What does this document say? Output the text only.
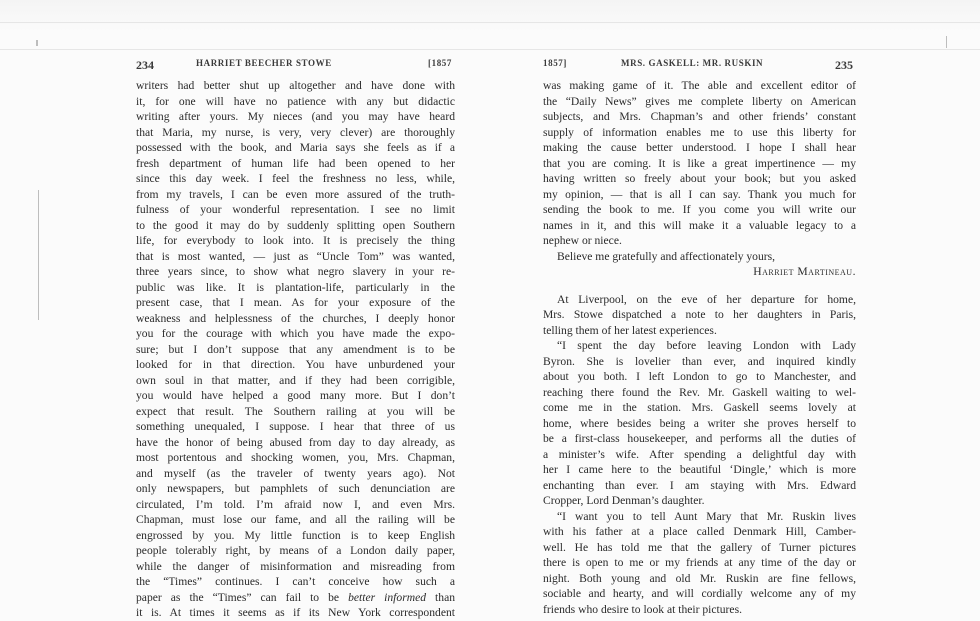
234	HARRIET BEECHER STOWE	[1857
writers had better shut up altogether and have done with
it, for one will have no patience with any but didactic
writing after yours. My nieces (and you may have heard
that Maria, my nurse, is very, very clever) are thoroughly
possessed with the book, and Maria says she feels as if a
fresh department of human life had been opened to her
since this day week. I feel the freshness no less, while,
from my travels, I can be even more assured of the truth-
fulness of your wonderful representation. I see no limit
to the good it may do by suddenly splitting open Southern
life, for everybody to look into. It is precisely the thing
that is most wanted, — just as “Uncle Tom” was wanted,
three years since, to show what negro slavery in your re-
public was like. It is plantation-life, particularly in the
present case, that I mean. As for your exposure of the
weakness and helplessness of the churches, I deeply honor
you for the courage with which you have made the expo-
sure; but I don’t suppose that any amendment is to be
looked for in that direction. You have unburdened your
own soul in that matter, and if they had been corrigible,
you would have helped a good many more. But I don’t
expect that result. The Southern railing at you will be
something unequaled, I suppose. I hear that three of us
have the honor of being abused from day to day already, as
most portentous and shocking women, you, Mrs. Chapman,
and myself (as the traveler of twenty years ago). Not
only newspapers, but pamphlets of such denunciation are
circulated, I’m told. I’m afraid now I, and even Mrs.
Chapman, must lose our fame, and all the railing will be
engrossed by you. My little function is to keep English
people tolerably right, by means of a London daily paper,
while the danger of misinformation and misreading from
the “Times” continues. I can’t conceive how such a
paper as the “Times” can fail to be better informed than
it is. At times it seems as if its New York correspondent
1857]	MRS. GASKELL: MR. RUSKIN	235
was making game of it. The able and excellent editor of
the “Daily News” gives me complete liberty on American
subjects, and Mrs. Chapman’s and other friends’ constant
supply of information enables me to use this liberty for
making the cause better understood. I hope I shall hear
that you are coming. It is like a great impertinence — my
having written so freely about your book; but you asked
my opinion, — that is all I can say. Thank you much for
sending the book to me. If you come you will write our
names in it, and this will make it a valuable legacy to a
nephew or niece.
Believe me gratefully and affectionately yours,
Harriet Martineau.
At Liverpool, on the eve of her departure for home,
Mrs. Stowe dispatched a note to her daughters in Paris,
telling them of her latest experiences.
“I spent the day before leaving London with Lady
Byron. She is lovelier than ever, and inquired kindly
about you both. I left London to go to Manchester, and
reaching there found the Rev. Mr. Gaskell waiting to wel-
come me in the station. Mrs. Gaskell seems lovely at
home, where besides being a writer she proves herself to
be a first-class housekeeper, and performs all the duties of
a minister’s wife. After spending a delightful day with
her I came here to the beautiful ‘Dingle,’ which is more
enchanting than ever. I am staying with Mrs. Edward
Cropper, Lord Denman’s daughter.
“I want you to tell Aunt Mary that Mr. Ruskin lives
with his father at a place called Denmark Hill, Camber-
well. He has told me that the gallery of Turner pictures
there is open to me or my friends at any time of the day or
night. Both young and old Mr. Ruskin are fine fellows,
sociable and hearty, and will cordially welcome any of my
friends who desire to look at their pictures.
